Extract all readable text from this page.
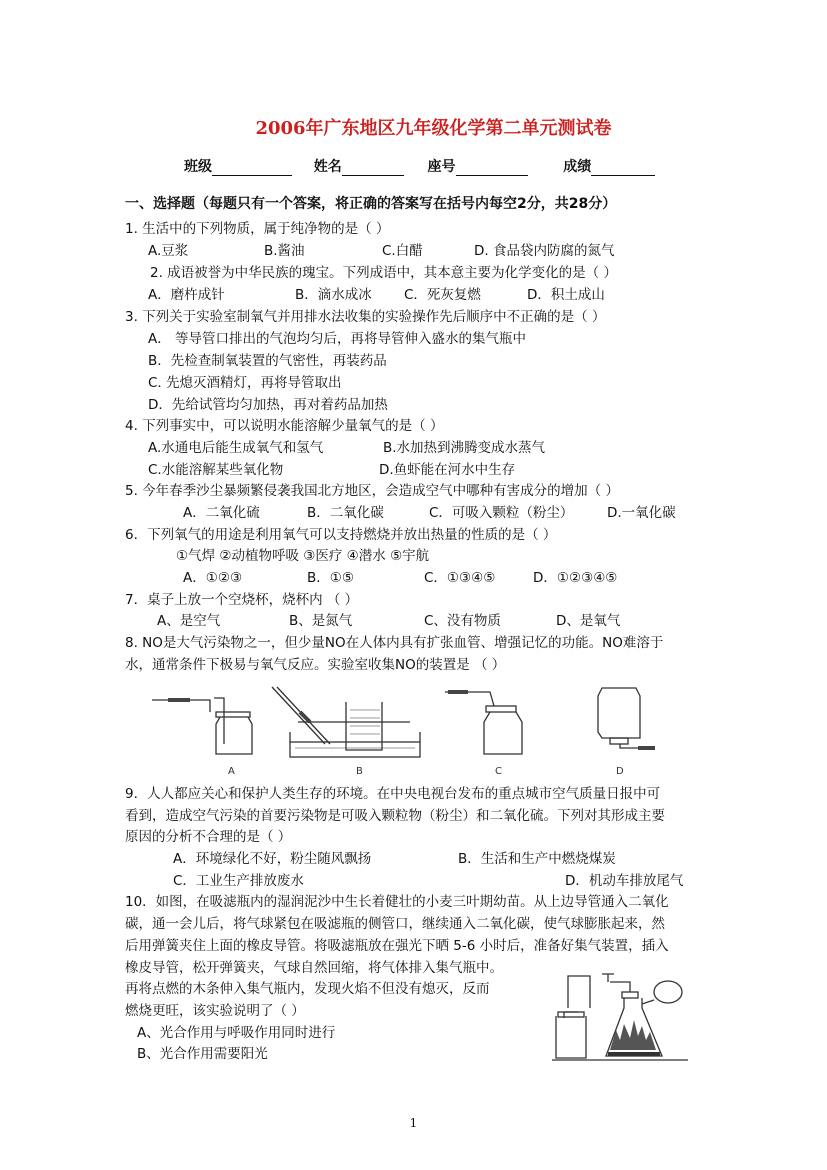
2006年广东地区九年级化学第二单元测试卷
班级	姓名	座号	成绩
一、选择题（每题只有一个答案，将正确的答案写在括号内每空2分，共28分）
1. 生活中的下列物质，属于纯净物的是（ ）
A.豆浆	B.酱油	C.白醋	D. 食品袋内防腐的氮气
2. 成语被誉为中华民族的瑰宝。下列成语中，其本意主要为化学变化的是（ ）
A．磨杵成针	B．滴水成冰 C．死灰复燃	D．积土成山
3. 下列关于实验室制氧气并用排水法收集的实验操作先后顺序中不正确的是（ ）
A． 等导管口排出的气泡均匀后，再将导管伸入盛水的集气瓶中
B．先检查制氧装置的气密性，再装药品
C. 先熄灭酒精灯，再将导管取出
D．先给试管均匀加热，再对着药品加热
4. 下列事实中，可以说明水能溶解少量氧气的是（ ）
A.水通电后能生成氧气和氢气	B.水加热到沸腾变成水蒸气
C.水能溶解某些氧化物	D.鱼虾能在河水中生存
5. 今年春季沙尘暴频繁侵袭我国北方地区，会造成空气中哪种有害成分的增加（ ）
A．二氧化硫	B．二氧化碳	C．可吸入颗粒（粉尘） D.一氧化碳
6．下列氧气的用途是利用氧气可以支持燃烧并放出热量的性质的是（ ）
①气焊 ②动植物呼吸 ③医疗 ④潜水 ⑤宇航
A．①②③	B．①⑤	C．①③④⑤	D．①②③④⑤
7．桌子上放一个空烧杯，烧杯内 （ ）
A、是空气	B、是氮气	C、没有物质	D、是氧气
8. NO是大气污染物之一，但少量NO在人体内具有扩张血管、增强记忆的功能。NO难溶于
水，通常条件下极易与氧气反应。实验室收集NO的装置是 （ ）
A	B	C	D
9．人人都应关心和保护人类生存的环境。在中央电视台发布的重点城市空气质量日报中可
看到，造成空气污染的首要污染物是可吸入颗粒物（粉尘）和二氧化硫。下列对其形成主要
原因的分析不合理的是（ ）
A．环境绿化不好，粉尘随风飘扬	B．生活和生产中燃烧煤炭
C．工业生产排放废水	D．机动车排放尾气
10．如图，在吸滤瓶内的湿润泥沙中生长着健壮的小麦三叶期幼苗。从上边导管通入二氧化
碳，通一会儿后，将气球紧包在吸滤瓶的侧管口，继续通入二氧化碳，使气球膨胀起来，然
后用弹簧夹住上面的橡皮导管。将吸滤瓶放在强光下晒 5-6 小时后，准备好集气装置，插入
橡皮导管，松开弹簧夹，气球自然回缩，将气体排入集气瓶中。
再将点燃的木条伸入集气瓶内，发现火焰不但没有熄灭，反而
燃烧更旺，该实验说明了（ ）
A、光合作用与呼吸作用同时进行
B、光合作用需要阳光
1
